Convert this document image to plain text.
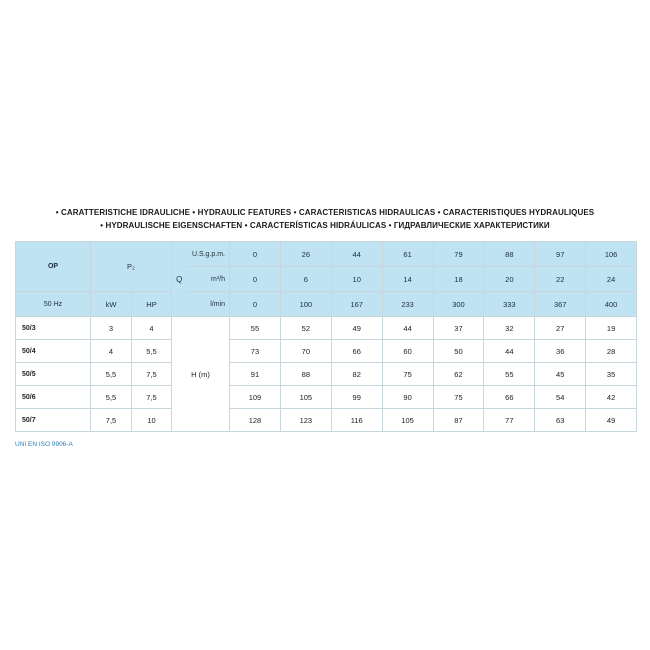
• CARATTERISTICHE IDRAULICHE • HYDRAULIC FEATURES • CARACTERISTICAS HIDRAULICAS • CARACTERISTIQUES HYDRAULIQUES
• HYDRAULISCHE EIGENSCHAFTEN • CARACTERÍSTICAS HIDRÁULICAS • ГИДРАВЛИЧЕСКИЕ ХАРАКТЕРИСТИКИ
OP	P₂		Q	U.S.g.p.m.	0	26	44	61	79	88	97	106
				m³/h	0	6	10	14	18	20	22	24
50 Hz	kW	HP		l/min	0	100	167	233	300	333	367	400
50/3	3	4	H (m)		55	52	49	44	37	32	27	19
50/4	4	5,5			73	70	66	60	50	44	36	28
50/5	5,5	7,5			91	88	82	75	62	55	45	35
50/6	5,5	7,5			109	105	99	90	75	66	54	42
50/7	7,5	10			128	123	116	105	87	77	63	49
UNI EN ISO 9906-A
